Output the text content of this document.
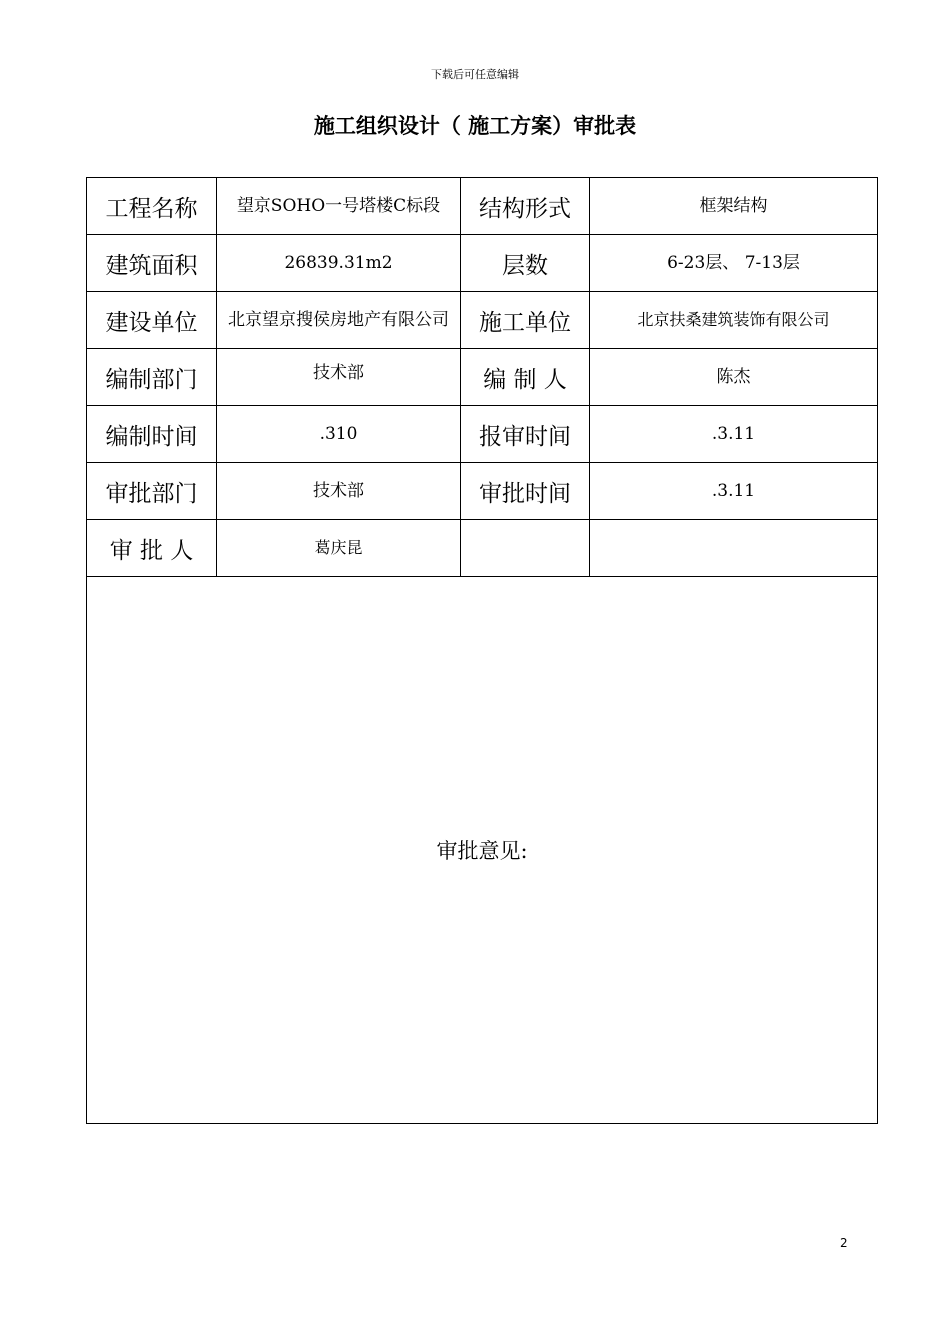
下载后可任意编辑
施工组织设计（ 施工方案）审批表
工程名称	望京SOHO一号塔楼C标段	结构形式	框架结构
建筑面积	26839.31m2	层数	6-23层、 7-13层
建设单位	北京望京搜侯房地产有限公司	施工单位	北京扶桑建筑装饰有限公司
编制部门	技术部	编 制 人	陈杰
编制时间	.310	报审时间	.3.11
审批部门	技术部	审批时间	.3.11
审 批 人	葛庆昆		
审批意见:			
2
